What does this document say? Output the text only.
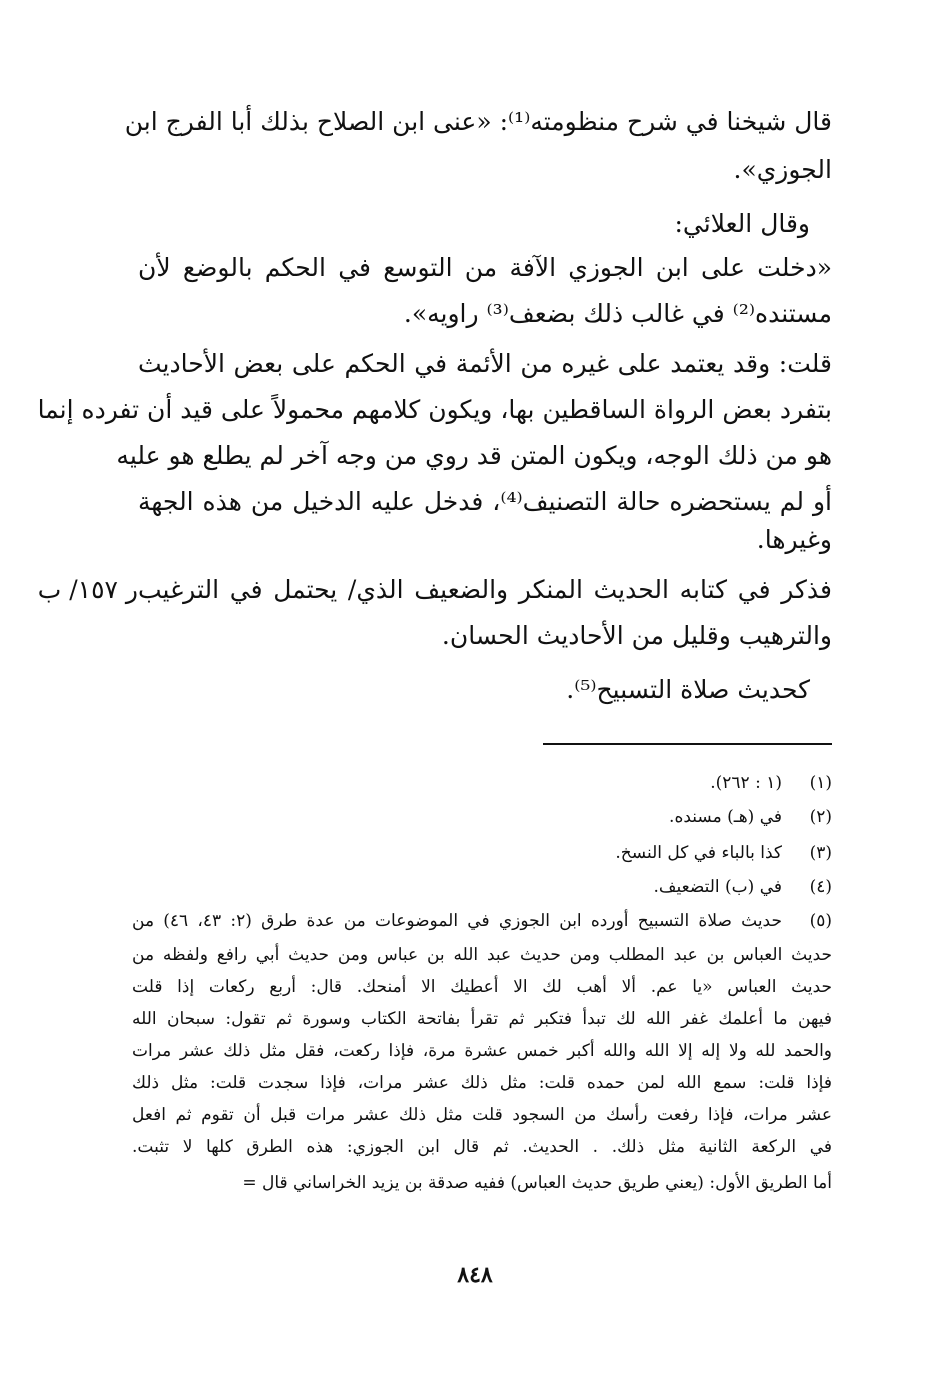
قال شيخنا في شرح منظومته⁽¹⁾: «عنى ابن الصلاح بذلك أبا الفرج ابن
الجوزي».
وقال العلائي:
«دخلت على ابن الجوزي الآفة من التوسع في الحكم بالوضع لأن
مستنده⁽²⁾ في غالب ذلك بضعف⁽³⁾ راويه».
قلت: وقد يعتمد على غيره من الأئمة في الحكم على بعض الأحاديث
بتفرد بعض الرواة الساقطين بها، ويكون كلامهم محمولاً على قيد أن تفرده إنما
هو من ذلك الوجه، ويكون المتن قد روي من وجه آخر لم يطلع هو عليه
أو لم يستحضره حالة التصنيف⁽⁴⁾، فدخل عليه الدخيل من هذه الجهة
وغيرها.
فذكر في كتابه الحديث المنكر والضعيف الذي/ يحتمل في الترغيب
والترهيب وقليل من الأحاديث الحسان.
كحديث صلاة التسبيح⁽⁵⁾.
ر ١٥٧/ ب
(١)
(١ : ٢٦٢).
(٢)
في (هـ) مسنده.
(٣)
كذا بالباء في كل النسخ.
(٤)
في (ب) التضعيف.
(٥)
حديث صلاة التسبيح أورده ابن الجوزي في الموضوعات من عدة طرق (٢: ٤٣، ٤٦) من
حديث العباس بن عبد المطلب ومن حديث عبد الله بن عباس ومن حديث أبي رافع ولفظه من
حديث العباس «يا عم. ألا أهب لك الا أعطيك الا أمنحك. قال: أربع ركعات إذا قلت
فيهن ما أعلمك غفر الله لك تبدأ فتكبر ثم تقرأ بفاتحة الكتاب وسورة ثم تقول: سبحان الله
والحمد لله ولا إله إلا الله والله أكبر خمس عشرة مرة، فإذا ركعت، فقل مثل ذلك عشر مرات
فإذا قلت: سمع الله لمن حمده قلت: مثل ذلك عشر مرات، فإذا سجدت قلت: مثل ذلك
عشر مرات، فإذا رفعت رأسك من السجود قلت مثل ذلك عشر مرات قبل أن تقوم ثم افعل
في الركعة الثانية مثل ذلك. . الحديث. ثم قال ابن الجوزي: هذه الطرق كلها لا تثبت.
أما الطريق الأول: (يعني طريق حديث العباس) ففيه صدقة بن يزيد الخراساني قال =
٨٤٨
